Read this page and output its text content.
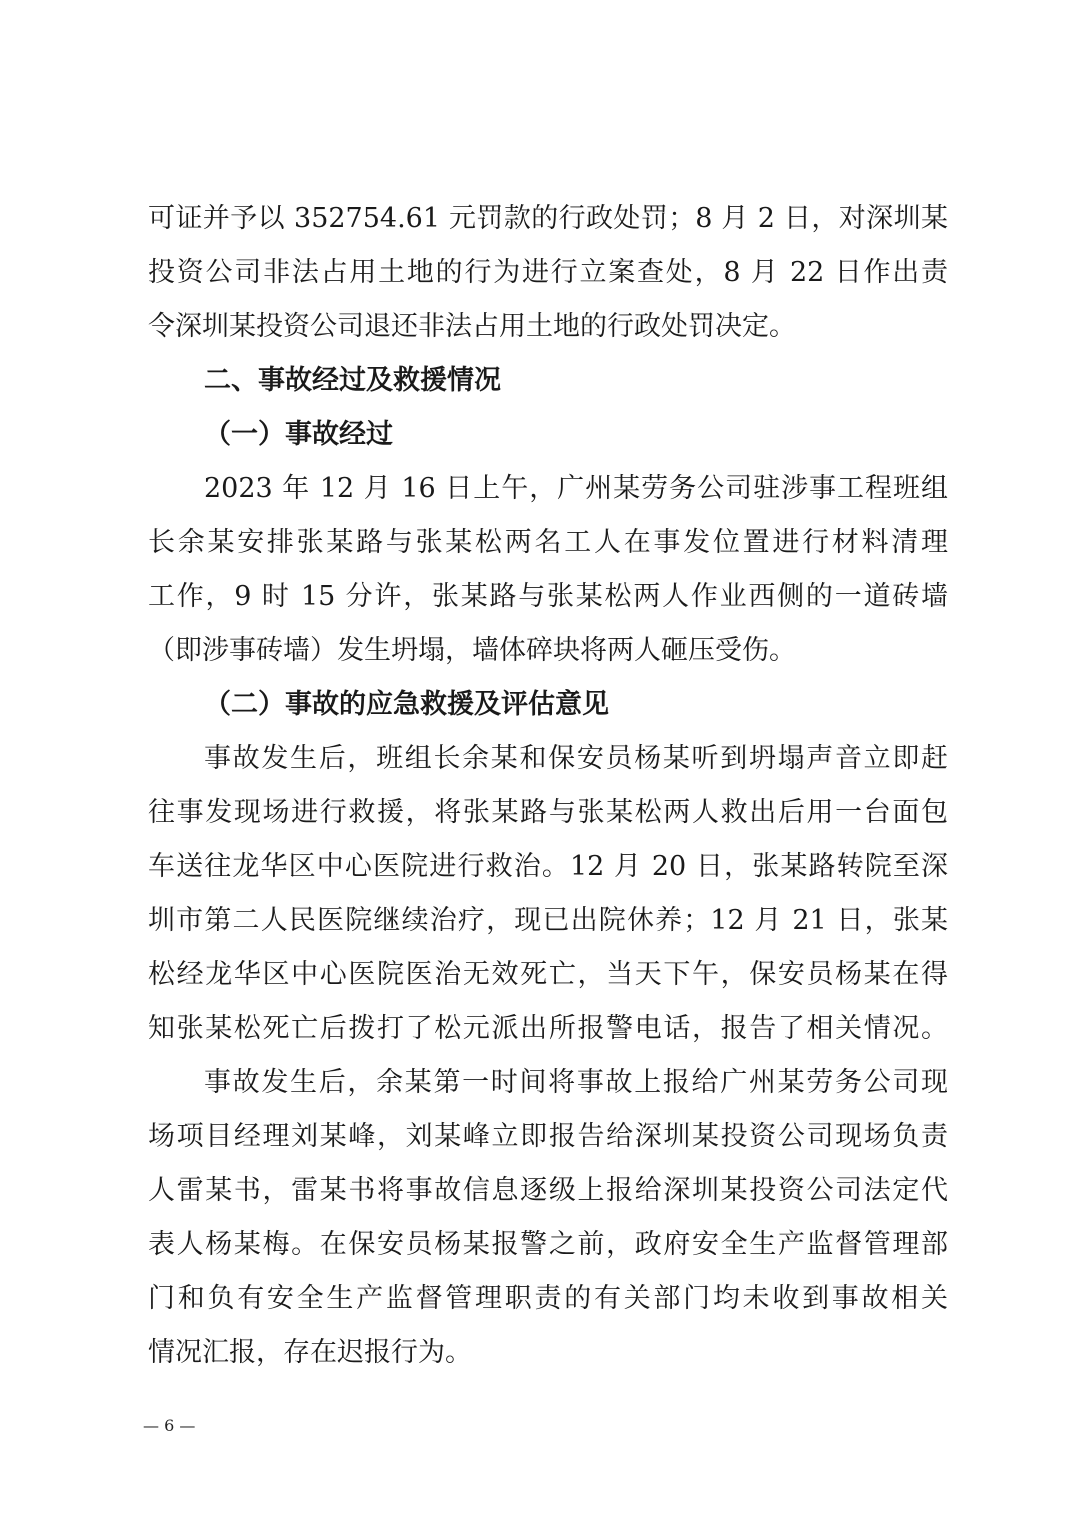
可证并予以 352754.61 元罚款的行政处罚；8 月 2 日，对深圳某
投资公司非法占用土地的行为进行立案查处，8 月 22 日作出责
令深圳某投资公司退还非法占用土地的行政处罚决定。
二、事故经过及救援情况
（一）事故经过
2023 年 12 月 16 日上午，广州某劳务公司驻涉事工程班组
长余某安排张某路与张某松两名工人在事发位置进行材料清理
工作，9 时 15 分许，张某路与张某松两人作业西侧的一道砖墙
（即涉事砖墙）发生坍塌，墙体碎块将两人砸压受伤。
（二）事故的应急救援及评估意见
事故发生后，班组长余某和保安员杨某听到坍塌声音立即赶
往事发现场进行救援，将张某路与张某松两人救出后用一台面包
车送往龙华区中心医院进行救治。12 月 20 日，张某路转院至深
圳市第二人民医院继续治疗，现已出院休养；12 月 21 日，张某
松经龙华区中心医院医治无效死亡，当天下午，保安员杨某在得
知张某松死亡后拨打了松元派出所报警电话，报告了相关情况。
事故发生后，余某第一时间将事故上报给广州某劳务公司现
场项目经理刘某峰，刘某峰立即报告给深圳某投资公司现场负责
人雷某书，雷某书将事故信息逐级上报给深圳某投资公司法定代
表人杨某梅。在保安员杨某报警之前，政府安全生产监督管理部
门和负有安全生产监督管理职责的有关部门均未收到事故相关
情况汇报，存在迟报行为。
— 6 —
